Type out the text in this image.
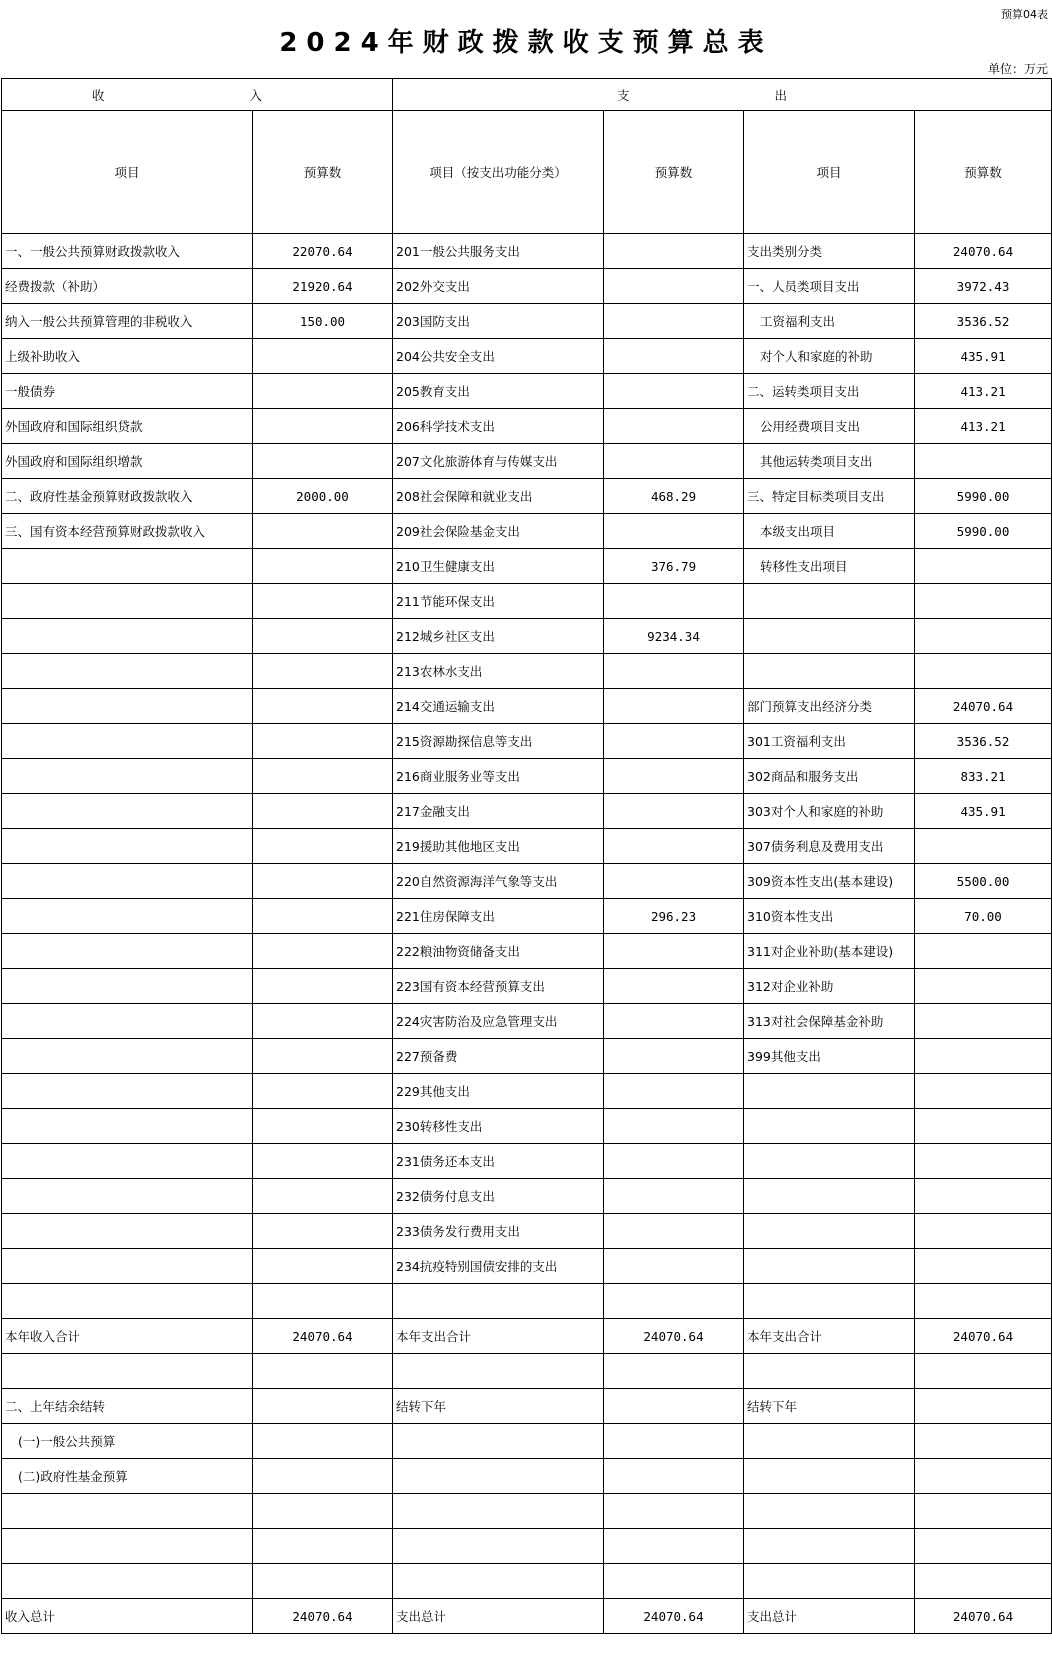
预算04表
2024年财政拨款收支预算总表
单位：万元
收　　入		支　　出			
项目	预算数	项目（按支出功能分类）	预算数	项目	预算数
一、一般公共预算财政拨款收入	22070.64	201一般公共服务支出		支出类别分类	24070.64
经费拨款（补助）	21920.64	202外交支出		一、人员类项目支出	3972.43
纳入一般公共预算管理的非税收入	150.00	203国防支出		工资福利支出	3536.52
上级补助收入		204公共安全支出		对个人和家庭的补助	435.91
一般债券		205教育支出		二、运转类项目支出	413.21
外国政府和国际组织贷款		206科学技术支出		公用经费项目支出	413.21
外国政府和国际组织增款		207文化旅游体育与传媒支出		其他运转类项目支出	
二、政府性基金预算财政拨款收入	2000.00	208社会保障和就业支出	468.29	三、特定目标类项目支出	5990.00
三、国有资本经营预算财政拨款收入		209社会保险基金支出		本级支出项目	5990.00
		210卫生健康支出	376.79	转移性支出项目	
		211节能环保支出			
		212城乡社区支出	9234.34		
		213农林水支出			
		214交通运输支出		部门预算支出经济分类	24070.64
		215资源勘探信息等支出		301工资福利支出	3536.52
		216商业服务业等支出		302商品和服务支出	833.21
		217金融支出		303对个人和家庭的补助	435.91
		219援助其他地区支出		307债务利息及费用支出	
		220自然资源海洋气象等支出		309资本性支出(基本建设)	5500.00
		221住房保障支出	296.23	310资本性支出	70.00
		222粮油物资储备支出		311对企业补助(基本建设)	
		223国有资本经营预算支出		312对企业补助	
		224灾害防治及应急管理支出		313对社会保障基金补助	
		227预备费		399其他支出	
		229其他支出			
		230转移性支出			
		231债务还本支出			
		232债务付息支出			
		233债务发行费用支出			
		234抗疫特别国债安排的支出			

本年收入合计	24070.64	本年支出合计	24070.64	本年支出合计	24070.64

二、上年结余结转		结转下年		结转下年	
(一)一般公共预算					
(二)政府性基金预算					

收入总计	24070.64	支出总计	24070.64	支出总计	24070.64
